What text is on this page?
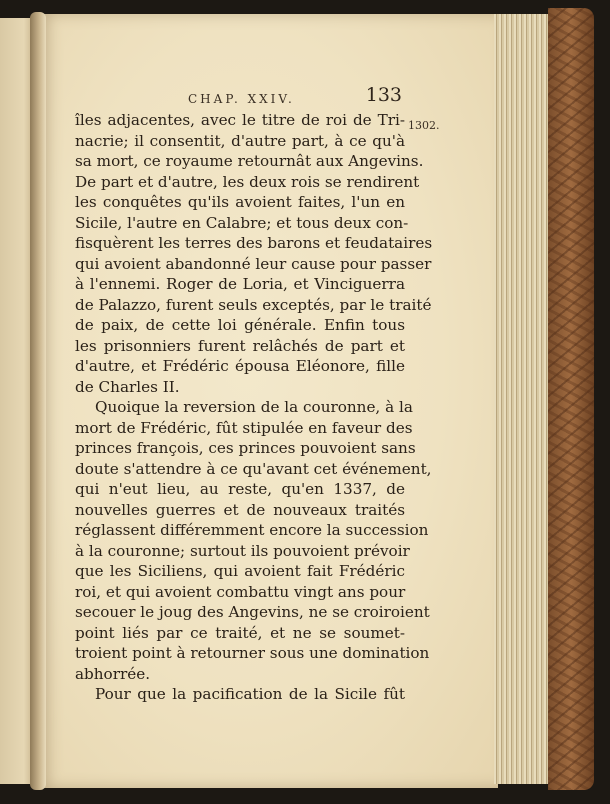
CHAP. XXIV.	133
1302.
îles adjacentes, avec le titre de roi de Tri-
nacrie; il consentit, d'autre part, à ce qu'à
sa mort, ce royaume retournât aux Angevins.
De part et d'autre, les deux rois se rendirent
les conquêtes qu'ils avoient faites, l'un en
Sicile, l'autre en Calabre; et tous deux con-
fisquèrent les terres des barons et feudataires
qui avoient abandonné leur cause pour passer
à l'ennemi. Roger de Loria, et Vinciguerra
de Palazzo, furent seuls exceptés, par le traité
de paix, de cette loi générale. Enfin tous
les prisonniers furent relâchés de part et
d'autre, et Frédéric épousa Eléonore, fille
de Charles II.
Quoique la reversion de la couronne, à la
mort de Frédéric, fût stipulée en faveur des
princes françois, ces princes pouvoient sans
doute s'attendre à ce qu'avant cet événement,
qui n'eut lieu, au reste, qu'en 1337, de
nouvelles guerres et de nouveaux traités
réglassent différemment encore la succession
à la couronne; surtout ils pouvoient prévoir
que les Siciliens, qui avoient fait Frédéric
roi, et qui avoient combattu vingt ans pour
secouer le joug des Angevins, ne se croiroient
point liés par ce traité, et ne se soumet-
troient point à retourner sous une domination
abhorrée.
Pour que la pacification de la Sicile fût
